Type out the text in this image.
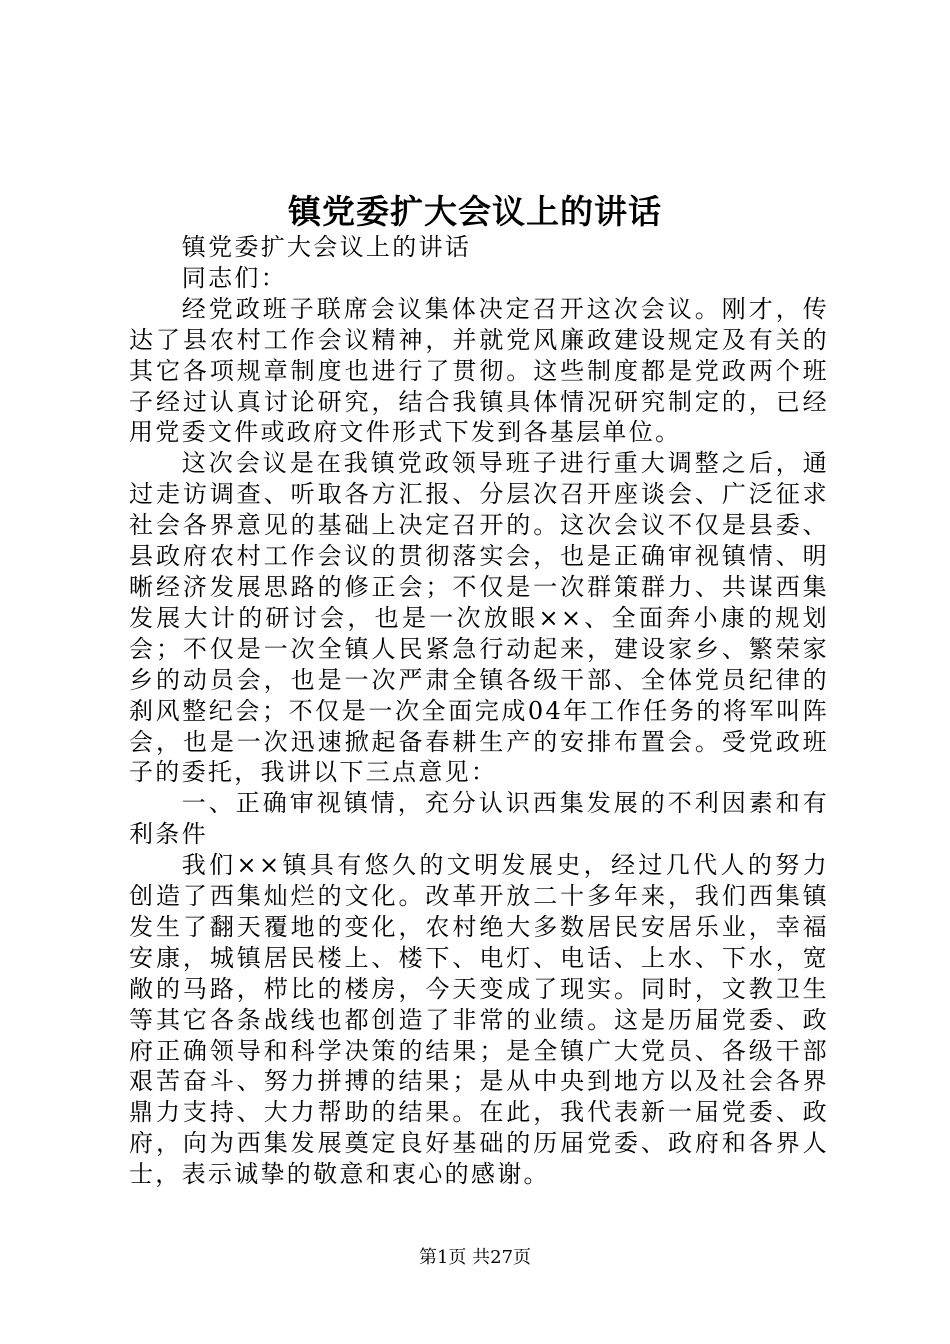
镇党委扩大会议上的讲话

镇党委扩大会议上的讲话

同志们：

经党政班子联席会议集体决定召开这次会议。刚才，传达了县农村工作会议精神，并就党风廉政建设规定及有关的其它各项规章制度也进行了贯彻。这些制度都是党政两个班子经过认真讨论研究，结合我镇具体情况研究制定的，已经用党委文件或政府文件形式下发到各基层单位。

这次会议是在我镇党政领导班子进行重大调整之后，通过走访调查、听取各方汇报、分层次召开座谈会、广泛征求社会各界意见的基础上决定召开的。这次会议不仅是县委、县政府农村工作会议的贯彻落实会，也是正确审视镇情、明晰经济发展思路的修正会；不仅是一次群策群力、共谋西集发展大计的研讨会，也是一次放眼××、全面奔小康的规划会；不仅是一次全镇人民紧急行动起来，建设家乡、繁荣家乡的动员会，也是一次严肃全镇各级干部、全体党员纪律的刹风整纪会；不仅是一次全面完成04年工作任务的将军叫阵会，也是一次迅速掀起备春耕生产的安排布置会。受党政班子的委托，我讲以下三点意见：

一、正确审视镇情，充分认识西集发展的不利因素和有利条件

我们××镇具有悠久的文明发展史，经过几代人的努力创造了西集灿烂的文化。改革开放二十多年来，我们西集镇发生了翻天覆地的变化，农村绝大多数居民安居乐业，幸福安康，城镇居民楼上、楼下、电灯、电话、上水、下水，宽敞的马路，栉比的楼房，今天变成了现实。同时，文教卫生等其它各条战线也都创造了非常的业绩。这是历届党委、政府正确领导和科学决策的结果；是全镇广大党员、各级干部艰苦奋斗、努力拼搏的结果；是从中央到地方以及社会各界鼎力支持、大力帮助的结果。在此，我代表新一届党委、政府，向为西集发展奠定良好基础的历届党委、政府和各界人士，表示诚挚的敬意和衷心的感谢。

第1页 共27页
